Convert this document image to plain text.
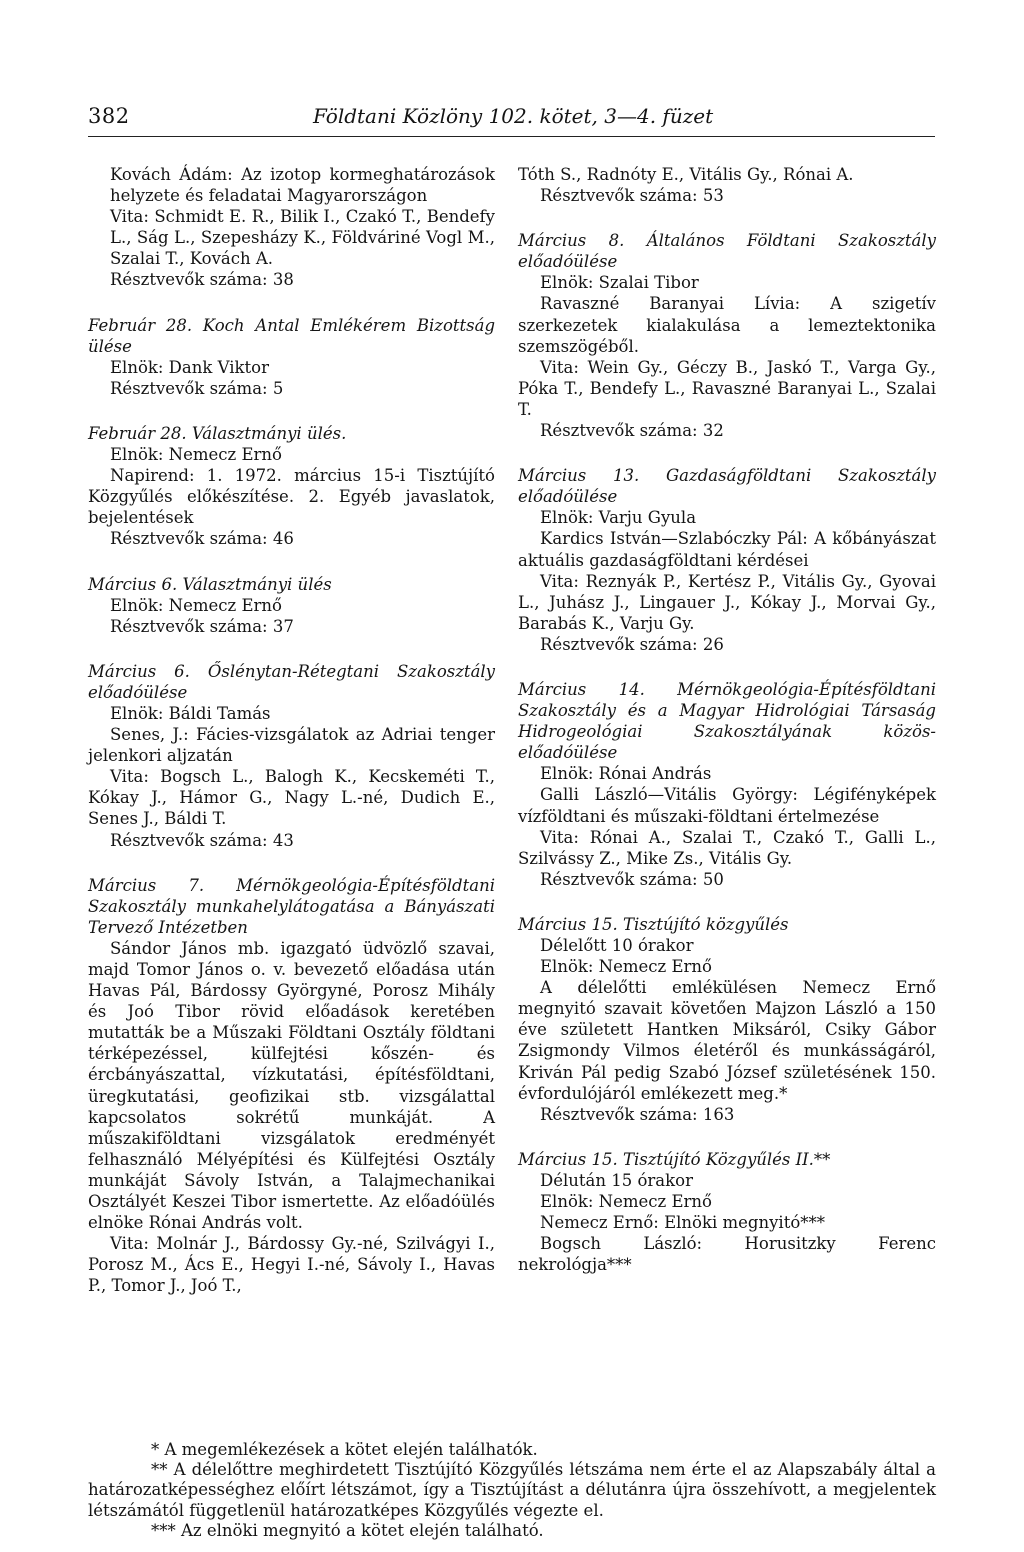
382	Földtani Közlöny 102. kötet, 3—4. füzet

Kovách Ádám: Az izotop kormeghatározások helyzete és feladatai Magyarországon

Vita: Schmidt E. R., Bilik I., Czakó T., Bendefy L., Ság L., Szepesházy K., Földváriné Vogl M., Szalai T., Kovách A.

Résztvevők száma: 38

Február 28. Koch Antal Emlékérem Bizottság ülése

Elnök: Dank Viktor

Résztvevők száma: 5

Február 28. Választmányi ülés.

Elnök: Nemecz Ernő

Napirend: 1. 1972. március 15-i Tisztújító Közgyűlés előkészítése. 2. Egyéb javaslatok, bejelentések

Résztvevők száma: 46

Március 6. Választmányi ülés

Elnök: Nemecz Ernő

Résztvevők száma: 37

Március 6. Őslénytan-Rétegtani Szakosztály előadóülése

Elnök: Báldi Tamás

Senes, J.: Fácies-vizsgálatok az Adriai tenger jelenkori aljzatán

Vita: Bogsch L., Balogh K., Kecskeméti T., Kókay J., Hámor G., Nagy L.-né, Dudich E., Senes J., Báldi T.

Résztvevők száma: 43

Március 7. Mérnökgeológia-Építésföldtani Szakosztály munkahelylátogatása a Bányászati Tervező Intézetben

Sándor János mb. igazgató üdvözlő szavai, majd Tomor János o. v. bevezető előadása után Havas Pál, Bárdossy Györgyné, Porosz Mihály és Joó Tibor rövid előadások keretében mutatták be a Műszaki Földtani Osztály földtani térképezéssel, külfejtési kőszén- és ércbányászattal, vízkutatási, építésföldtani, üregkutatási, geofizikai stb. vizsgálattal kapcsolatos sokrétű munkáját. A műszakiföldtani vizsgálatok eredményét felhasználó Mélyépítési és Külfejtési Osztály munkáját Sávoly István, a Talajmechanikai Osztályét Keszei Tibor ismertette. Az előadóülés elnöke Rónai András volt.

Vita: Molnár J., Bárdossy Gy.-né, Szilvágyi I., Porosz M., Ács E., Hegyi I.-né, Sávoly I., Havas P., Tomor J., Joó T.,

Tóth S., Radnóty E., Vitális Gy., Rónai A.

Résztvevők száma: 53

Március 8. Általános Földtani Szakosztály előadóülése

Elnök: Szalai Tibor

Ravaszné Baranyai Lívia: A szigetív szerkezetek kialakulása a lemeztektonika szemszögéből.

Vita: Wein Gy., Géczy B., Jaskó T., Varga Gy., Póka T., Bendefy L., Ravaszné Baranyai L., Szalai T.

Résztvevők száma: 32

Március 13. Gazdaságföldtani Szakosztály előadóülése

Elnök: Varju Gyula

Kardics István—Szlabóczky Pál: A kőbányászat aktuális gazdaságföldtani kérdései

Vita: Reznyák P., Kertész P., Vitális Gy., Gyovai L., Juhász J., Lingauer J., Kókay J., Morvai Gy., Barabás K., Varju Gy.

Résztvevők száma: 26

Március 14. Mérnökgeológia-Építésföldtani Szakosztály és a Magyar Hidrológiai Társaság Hidrogeológiai Szakosztályának közös-előadóülése

Elnök: Rónai András

Galli László—Vitális György: Légifényképek vízföldtani és műszaki-földtani értelmezése

Vita: Rónai A., Szalai T., Czakó T., Galli L., Szilvássy Z., Mike Zs., Vitális Gy.

Résztvevők száma: 50

Március 15. Tisztújító közgyűlés

Délelőtt 10 órakor

Elnök: Nemecz Ernő

A délelőtti emlékülésen Nemecz Ernő megnyitó szavait követően Majzon László a 150 éve született Hantken Miksáról, Csiky Gábor Zsigmondy Vilmos életéről és munkásságáról, Kriván Pál pedig Szabó József születésének 150. évfordulójáról emlékezett meg.*

Résztvevők száma: 163

Március 15. Tisztújító Közgyűlés II.**

Délután 15 órakor

Elnök: Nemecz Ernő

Nemecz Ernő: Elnöki megnyitó***

Bogsch László: Horusitzky Ferenc nekrológja***

* A megemlékezések a kötet elején találhatók.

** A délelőttre meghirdetett Tisztújító Közgyűlés létszáma nem érte el az Alapszabály által a határozatképességhez előírt létszámot, így a Tisztújítást a délutánra újra összehívott, a megjelentek létszámától függetlenül határozatképes Közgyűlés végezte el.

*** Az elnöki megnyitó a kötet elején található.
